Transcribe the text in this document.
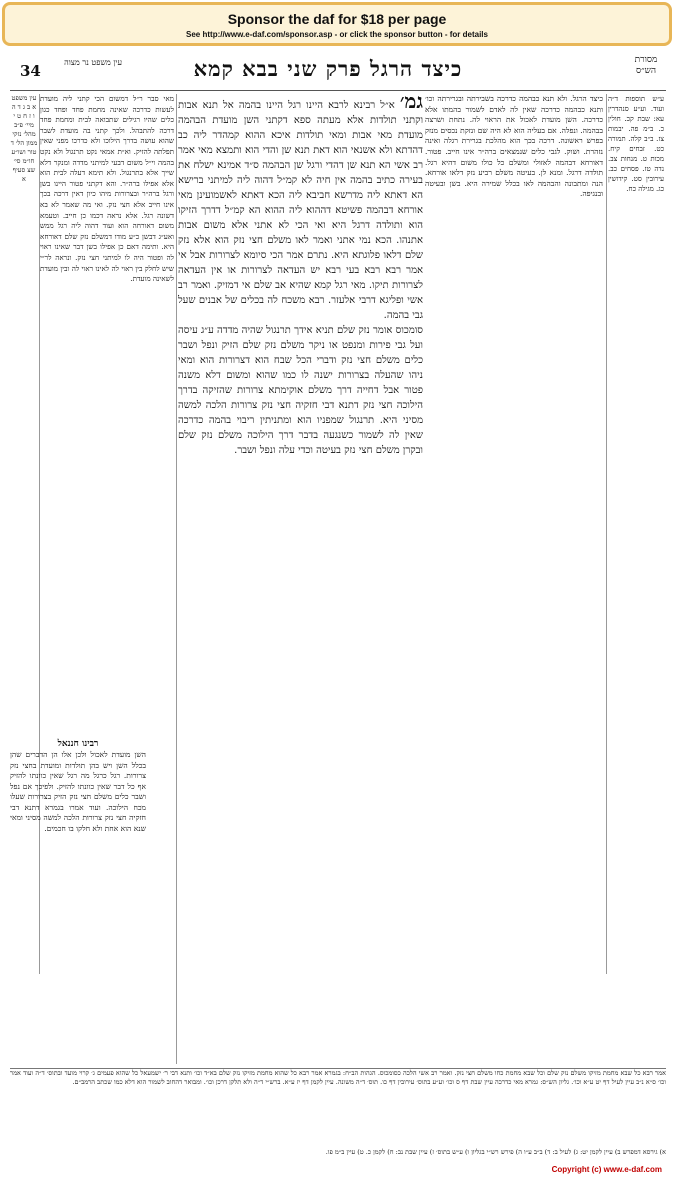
Sponsor the daf for $18 per page
See http://www.e-daf.com/sponsor.asp - or click the sponsor button - for details
34	עין משפט נר מצוה	כיצד הרגל פרק שני בבא קמא	מסורת הש״ס
ע״ש תוספות ד״ה ועוד. וע״ע סנהדרין עא: שבת קכ. חולין כ. ב״מ פה. יבמות צז. ב״ב קלה. תמורה כט. זבחים קיח. מכות ט. מנחות צב. נדה טז. פסחים כב. עירובין סט. קידושין כג. מגילה כח.
כיצד הרגל. ולא תנא כבהמה כדרכה בשבירתה ובגרירתה וכו׳ ותנא כבהמה כדרכה שאין לה לאדם לשמור בהמתו אלא כדרכה. השן מועדת לאכול את הראוי לה. נתחת ושרצה בבהמה. ונפלה. אם בעליה הוא לא היה שם ונזקת נכסים מנזק בפרש ראשונה. דרכה בכך הוא מהלכת בגרירת רגלה ואינה נזהרת. ושוק. לגבי כלים שנמצאים ברה״ר אינו חייב. פטור. דאורחא דבהמה לאזולי ומשלם כל כולו משום דהיא רגל. תולדה דרגל. ומנא לן. בעיטה משלם רביע נזק דלאו אורחא. הנה ומתבונה והבהמה לאו בכלל שמירה היא. בשן ובעיטה ובנגיפה.
גמ׳ א״ל רבינא לרבא היינו רגל היינו בהמה אל תנא אבות וקתני תולדות אלא מעתה ספא דקתני השן מועדת הבהמה מועדת מאי אבות ומאי תולדות איכא ההוא קמהדר ליה כב דהדתא ולא אשנאי הוא דאת תנא שן והדי הוא ותמצא מאי אמר רב אשי הא תנא שן דהדי ורגל שן הבהמה ס״ד אמינא ישלח את בעירה כתיב בהמה אין חיה לא קמ״ל דהוה ליה למיתני ברישא הא דאתא ליה מדרשא חביבא ליה הכא דאתא לאשמועינן מאי אורחא דבהמה פשיטא דההוא ליה ההוא הא קמ״ל דדרך הזיקו הוא ותולדה דרגל היא ואי הכי לא אתני אלא משום אבות אתנהו. הכא נמי אתני ואמר לאו משלם חצי נזק הוא אלא נזק שלם דלאו פלוגתא היא. נתרם אמר הכי סיומא לצרורות אבל אי אמר רבא רבא בעי רבא יש העדאה לצרורות או אין העדאה לצרורות תיקו. מאי רגל קמא שהיא אב שלם אי דמזיק. ואמר רב אשי ופליגא דרבי אלעזר. רבא משכח לה בכלים של אבנים שעל גבי בהמה.
סומכוס אומר נזק שלם תניא אידך תרנגול שהיה מדדה ע״ג עיסה ועל גבי פירות ומנפט או ניקר משלם נזק שלם הזיק ונפל ושבר כלים משלם חצי נזק ודברי הכל שבח הוא דצרורות הוא ומאי ניהו שהעלה בצרורות ישנה לו כמו שהוא ומשום דלא משנה פטור אבל דחייה דרך משלם אוקימתא צרורות שהזיקה בדרך הילוכה חצי נזק דתנא דבי חזקיה חצי נזק צרורות הלכה למשה מסיני היא. תרנגול שמפניו הוא ומתניתין ריבוי בהמה כדרכה שאין לה לשמור כשנגעה בדבר דרך הילוכה משלם נזק שלם ובקרן משלם חצי נזק בעיטה וכדי עלה ונפל ושבר.
מאי סבר ר״ל דמשום הכי קתני ליה מועדת לעשות כדרכה שאינה מחמת פחד ופחד כגון כלים שהיו רגילים שתבואה לבית ומחמת פחד דרכה להתבהל. ולכך קתני בה מועדת לשבר שהוא עושה בדרך הילוכו ולא כדרכו מפני שאין תפלתה להזיק. וא״ת אמאי נקט תרנגול ולא נקט בהמה וי״ל משום דבעי למיתני מדדה ומנקר דלא שייך אלא בתרנגול. ולא תימא דעלה לבית הוא אלא אפילו ברה״ר. והא דקתני פטור היינו בשן ורגל ברה״ר ובצרורות מיהו כיון דאין דרכה בכך אינו חייב אלא חצי נזק. ואי מה שאמר לא בא דשונה רגל. אלא נראה דכמו כן חייב. וטעמא משום דאורחה הוא ועוד דהוה ליה רגל ממש ואע״ג דבשן כ״ע מודו דמשלם נזק שלם דאורחא היא. ותימה דאם כן אפילו בשן דבר שאינו ראוי לה ופטור היה לו למיתני חצי נזק. ונראה לר״י שיש לחלק בין ראוי לה לאינו ראוי לה ובין מועדת לשאינה מועדת.
עין משפט א ב ג ד ה ו ז ח ט י מיי׳ פ״ב מהל׳ נזקי ממון הל׳ ד טור ושו״ע חו״מ סי׳ שצ סעיף א
רבינו חננאל
השן מועדת לאכול ולכן אלו הן הדברים שהן בכלל השן ויש בהן תולדות ומועדת בחצי נזק צרורות. רגל כרגל מה רגל שאין כוונתו להזיק אף כל דבר שאין כוונתו להזיק. ולפיכך אם נפל ושבר כלים משלם חצי נזק הזיק בצרורות שעלו מכח הילוכה. ועוד אמרו בגמרא דתנא דבי חזקיה חצי נזק צרורות הלכה למשה מסיני ומאי שנא הוא אחת ולא חלקו בו חכמים.
אמר רבא כל שבא מחמת מזיקו משלם נזק שלם וכל שבא מחמת כחו משלם חצי נזק. ואמר רב אשי הלכה כסומכוס. הגהות הב״ח: בגמרא אמר רבא כל שהוא מחמת מזיקו נזק שלם בא״ד וכו׳ ותנא דבי ר׳ ישמעאל כל שהוא פעמים ג׳ קרוי מועד ובתוס׳ ד״ה ועוד אמר וכו׳ ס״א נ״ב עיין לעיל דף יט ע״א וכו׳. גליון הש״ס: גמרא מאי כדרכה עיין שבת דף ס וכו׳ וע״ע בתוס׳ עירובין דף כו. תוס׳ ד״ה משונה. עיין לקמן דף יז ע״א. ברש״י ד״ה ולא תלקן דרכן וכו׳. ומבואר דהחוב לשמור הוא דלא כמו שכתב הרמב״ם.
א) גירסא דמפרש ב) עיין לקמן יט: ג) לעיל ב: ד) ב״ב ע״ו ה) פירש רש״י בגליון ו) ע״ש בתוס׳ ז) עיין שבת נב: ח) לקמן כ. ט) עיין ב״מ פו.
Copyright (c) www.e-daf.com
